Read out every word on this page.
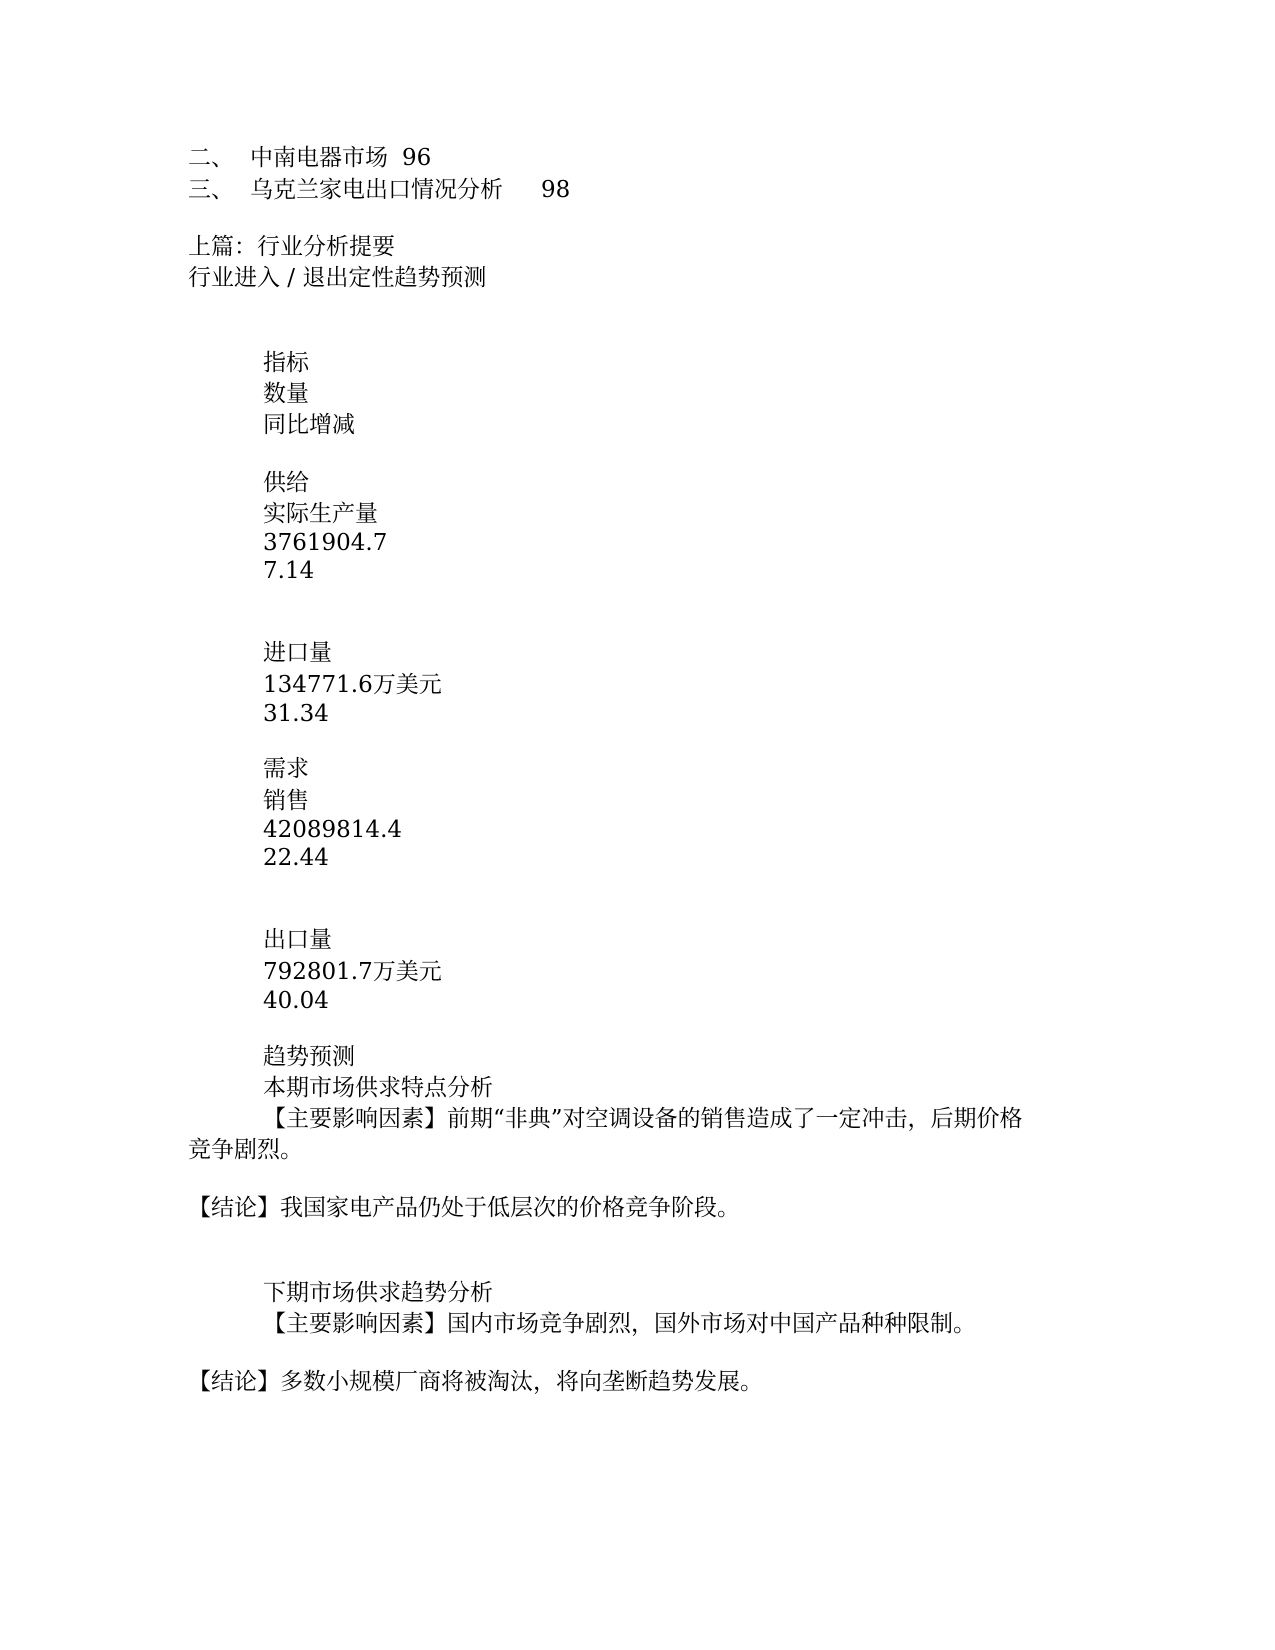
二、 中南电器市场 96
三、 乌克兰家电出口情况分析 98
上篇：行业分析提要
行业进入 / 退出定性趋势预测
指标
数量
同比增减
供给
实际生产量
3761904.7
7.14
进口量
134771.6万美元
31.34
需求
销售
42089814.4
22.44
出口量
792801.7万美元
40.04
趋势预测
本期市场供求特点分析
【主要影响因素】前期“非典”对空调设备的销售造成了一定冲击，后期价格
竞争剧烈。
【结论】我国家电产品仍处于低层次的价格竞争阶段。
下期市场供求趋势分析
【主要影响因素】国内市场竞争剧烈，国外市场对中国产品种种限制。
【结论】多数小规模厂商将被淘汰，将向垄断趋势发展。
